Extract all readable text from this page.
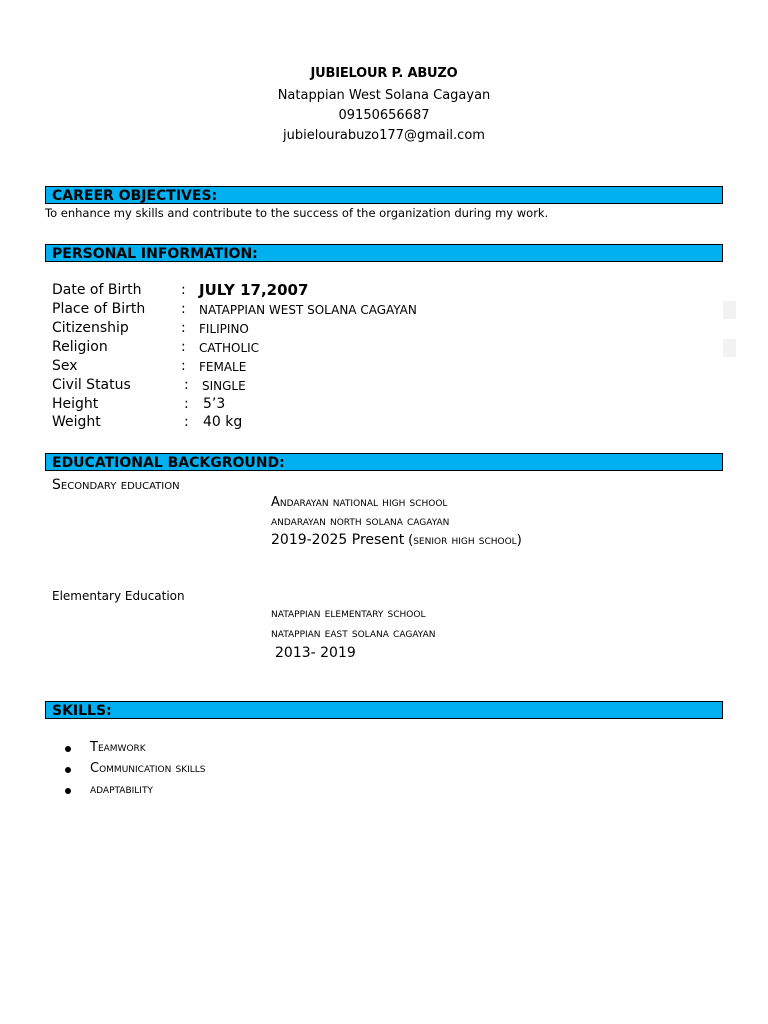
JUBIELOUR P. ABUZO
Natappian West Solana Cagayan
09150656687
jubielourabuzo177@gmail.com
CAREER OBJECTIVES:
To enhance my skills and contribute to the success of the organization during my work.
PERSONAL INFORMATION:
Date of Birth	: JULY 17,2007
Place of Birth	: NATAPPIAN WEST SOLANA CAGAYAN
Citizenship	: FILIPINO
Religion	: CATHOLIC
Sex	: FEMALE
Civil Status	: SINGLE
Height	: 5’3
Weight	: 40 kg
EDUCATIONAL BACKGROUND:
Secondary education
Andarayan national high school
andarayan north solana cagayan
2019-2025 Present (senior high school)
Elementary Education
natappian elementary school
natappian east solana cagayan
2013- 2019
SKILLS:
Teamwork
Communication skills
adaptability
